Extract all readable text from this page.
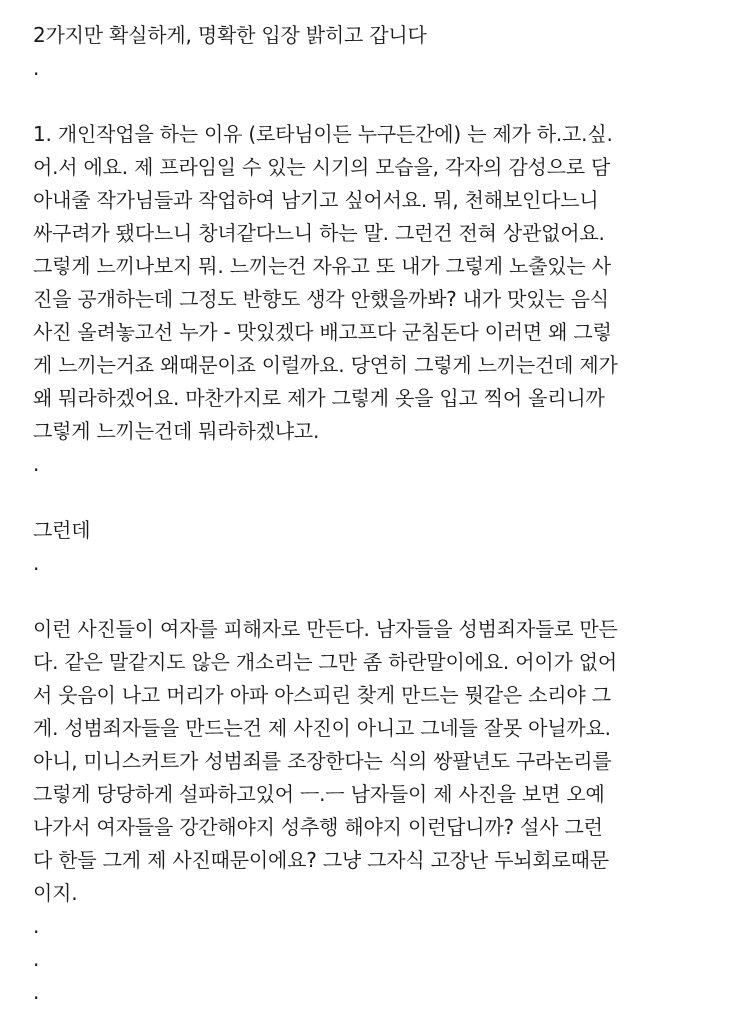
2가지만 확실하게, 명확한 입장 밝히고 갑니다
.
1. 개인작업을 하는 이유 (로타님이든 누구든간에) 는 제가 하.고.싶.
어.서 에요. 제 프라임일 수 있는 시기의 모습을, 각자의 감성으로 담
아내줄 작가님들과 작업하여 남기고 싶어서요. 뭐, 천해보인다느니
싸구려가 됐다느니 창녀같다느니 하는 말. 그런건 전혀 상관없어요.
그렇게 느끼나보지 뭐. 느끼는건 자유고 또 내가 그렇게 노출있는 사
진을 공개하는데 그정도 반향도 생각 안했을까봐? 내가 맛있는 음식
사진 올려놓고선 누가 - 맛있겠다 배고프다 군침돈다 이러면 왜 그렇
게 느끼는거죠 왜때문이죠 이럴까요. 당연히 그렇게 느끼는건데 제가
왜 뭐라하겠어요. 마찬가지로 제가 그렇게 옷을 입고 찍어 올리니까
그렇게 느끼는건데 뭐라하겠냐고.
.
그런데
.
이런 사진들이 여자를 피해자로 만든다. 남자들을 성범죄자들로 만든
다. 같은 말같지도 않은 개소리는 그만 좀 하란말이에요. 어이가 없어
서 웃음이 나고 머리가 아파 아스피린 찾게 만드는 뭣같은 소리야 그
게. 성범죄자들을 만드는건 제 사진이 아니고 그네들 잘못 아닐까요.
아니, 미니스커트가 성범죄를 조장한다는 식의 쌍팔년도 구라논리를
그렇게 당당하게 설파하고있어 ㅡ.ㅡ 남자들이 제 사진을 보면 오예
나가서 여자들을 강간해야지 성추행 해야지 이런답니까? 설사 그런
다 한들 그게 제 사진때문이에요? 그냥 그자식 고장난 두뇌회로때문
이지.
.
.
.
